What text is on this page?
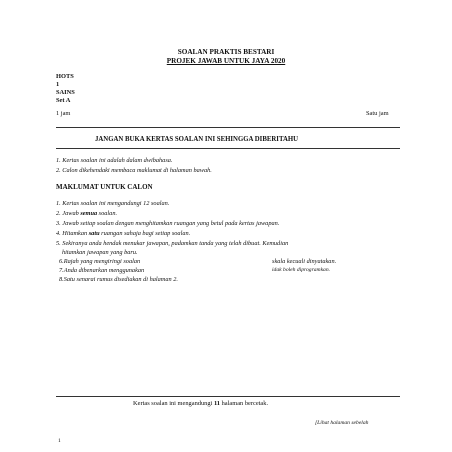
SOALAN PRAKTIS BESTARI
PROJEK JAWAB UNTUK JAYA 2020
HOTS
1
SAINS
Set A
1 jam	Satu jam
JANGAN BUKA KERTAS SOALAN INI SEHINGGA DIBERITAHU
1. Kertas soalan ini adalah dalam dwibahasa.
2. Calon dikehendaki membaca maklumat di halaman bawah.
MAKLUMAT UNTUK CALON
1. Kertas soalan ini mengandungi 12 soalan.
2. Jawab semua soalan.
3. Jawab setiap soalan dengan menghitamkan ruangan yang betul pada kertas jawapan.
4. Hitamkan satu ruangan sahaja bagi setiap soalan.
5. Sekiranya anda hendak menukar jawapan, padamkan tanda yang telah dibuat. Kemudian
hitamkan jawapan yang baru.
6.Rajah yang mengiringi soalan	skala kecuali dinyatakan.
7.Anda dibenarkan menggunakan	idak boleh diprogramkan.
8.Satu senarai rumus disediakan di halaman 2.
Kertas soalan ini mengandungi 11 halaman bercetak.
[Lihat halaman sebelah
1
